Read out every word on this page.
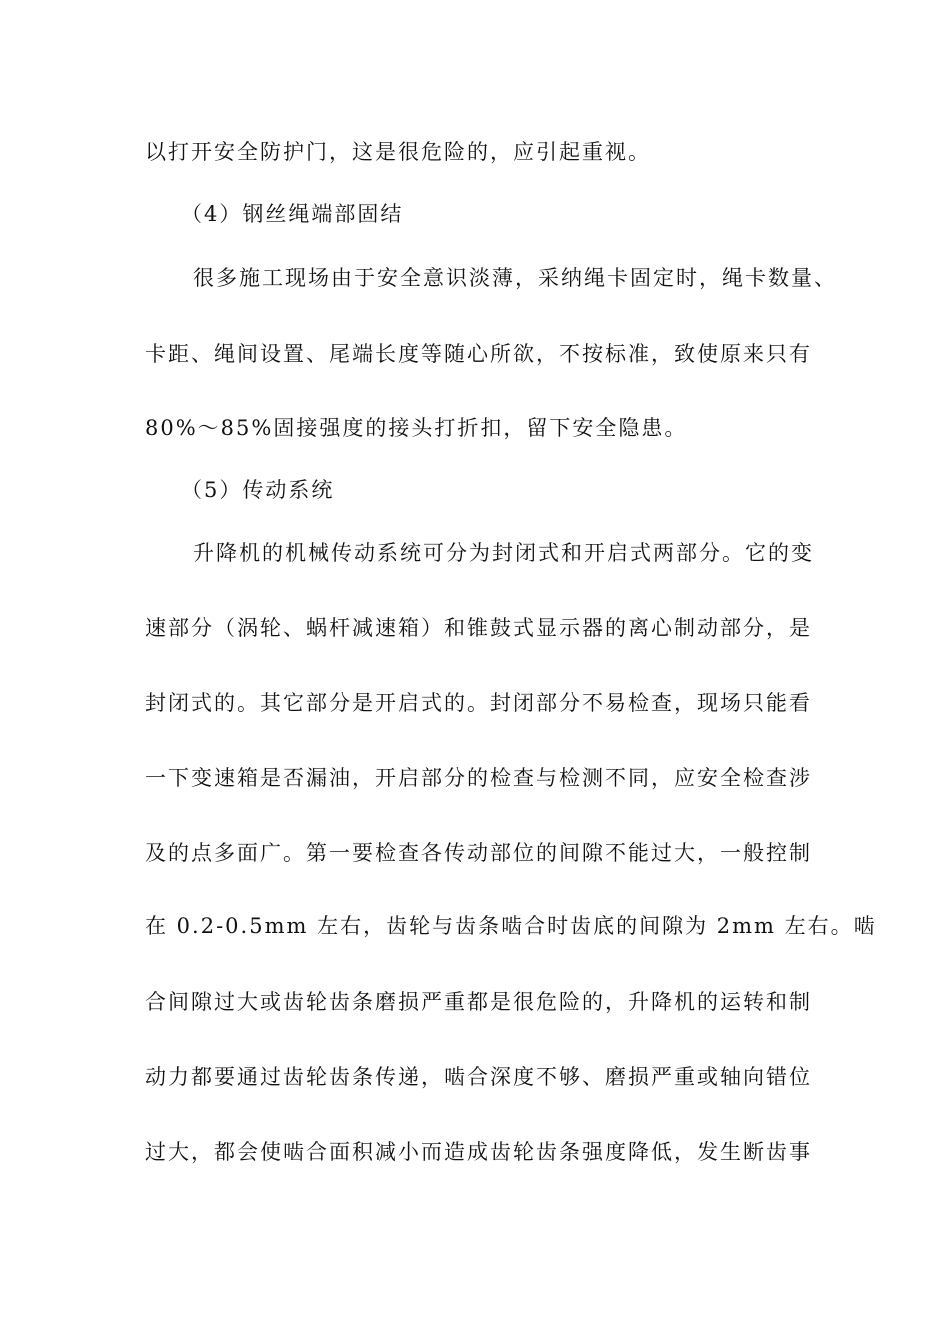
以打开安全防护门，这是很危险的，应引起重视。
（4）钢丝绳端部固结
很多施工现场由于安全意识淡薄，采纳绳卡固定时，绳卡数量、
卡距、绳间设置、尾端长度等随心所欲，不按标准，致使原来只有
80%～85%固接强度的接头打折扣，留下安全隐患。
（5）传动系统
升降机的机械传动系统可分为封闭式和开启式两部分。它的变
速部分（涡轮、蜗杆减速箱）和锥鼓式显示器的离心制动部分，是
封闭式的。其它部分是开启式的。封闭部分不易检查，现场只能看
一下变速箱是否漏油，开启部分的检查与检测不同，应安全检查涉
及的点多面广。第一要检查各传动部位的间隙不能过大，一般控制
在 0.2-0.5mm 左右，齿轮与齿条啮合时齿底的间隙为 2mm 左右。啮
合间隙过大或齿轮齿条磨损严重都是很危险的，升降机的运转和制
动力都要通过齿轮齿条传递，啮合深度不够、磨损严重或轴向错位
过大，都会使啮合面积减小而造成齿轮齿条强度降低，发生断齿事
